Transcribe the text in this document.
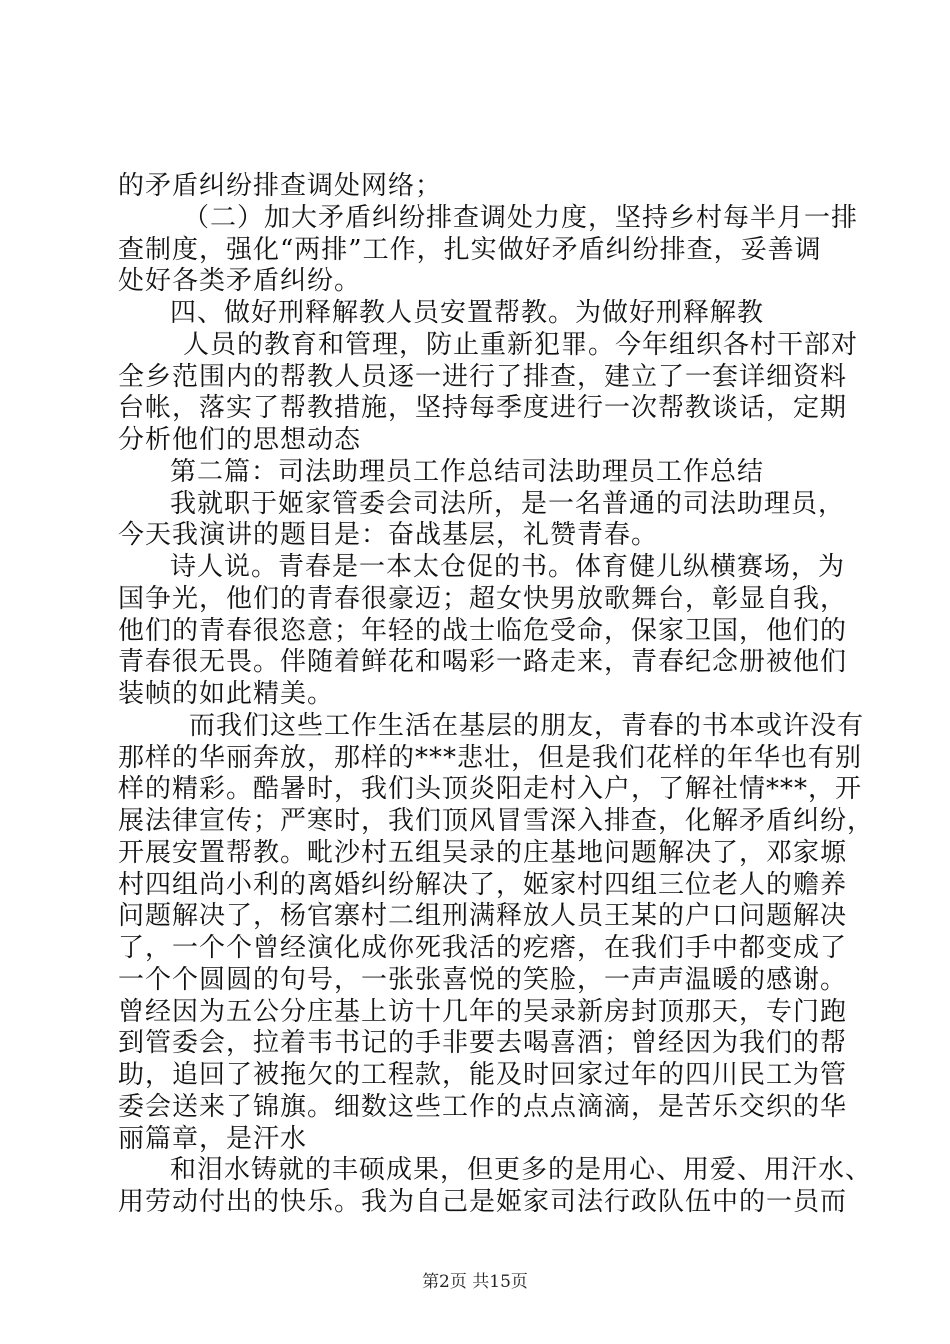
的矛盾纠纷排查调处网络；
（二）加大矛盾纠纷排查调处力度，坚持乡村每半月一排
查制度，强化“两排”工作，扎实做好矛盾纠纷排查，妥善调
处好各类矛盾纠纷。
四、做好刑释解教人员安置帮教。为做好刑释解教
人员的教育和管理，防止重新犯罪。今年组织各村干部对
全乡范围内的帮教人员逐一进行了排查，建立了一套详细资料
台帐，落实了帮教措施，坚持每季度进行一次帮教谈话，定期
分析他们的思想动态
第二篇：司法助理员工作总结司法助理员工作总结
我就职于姬家管委会司法所，是一名普通的司法助理员，
今天我演讲的题目是：奋战基层，礼赞青春。
诗人说。青春是一本太仓促的书。体育健儿纵横赛场，为
国争光，他们的青春很豪迈；超女快男放歌舞台，彰显自我，
他们的青春很恣意；年轻的战士临危受命，保家卫国，他们的
青春很无畏。伴随着鲜花和喝彩一路走来，青春纪念册被他们
装帧的如此精美。
而我们这些工作生活在基层的朋友，青春的书本或许没有
那样的华丽奔放，那样的***悲壮，但是我们花样的年华也有别
样的精彩。酷暑时，我们头顶炎阳走村入户，了解社情***，开
展法律宣传；严寒时，我们顶风冒雪深入排查，化解矛盾纠纷，
开展安置帮教。毗沙村五组吴录的庄基地问题解决了，邓家塬
村四组尚小利的离婚纠纷解决了，姬家村四组三位老人的赡养
问题解决了，杨官寨村二组刑满释放人员王某的户口问题解决
了，一个个曾经演化成你死我活的疙瘩，在我们手中都变成了
一个个圆圆的句号，一张张喜悦的笑脸，一声声温暖的感谢。
曾经因为五公分庄基上访十几年的吴录新房封顶那天，专门跑
到管委会，拉着韦书记的手非要去喝喜酒；曾经因为我们的帮
助，追回了被拖欠的工程款，能及时回家过年的四川民工为管
委会送来了锦旗。细数这些工作的点点滴滴，是苦乐交织的华
丽篇章，是汗水
和泪水铸就的丰硕成果，但更多的是用心、用爱、用汗水、
用劳动付出的快乐。我为自己是姬家司法行政队伍中的一员而
第2页 共15页
